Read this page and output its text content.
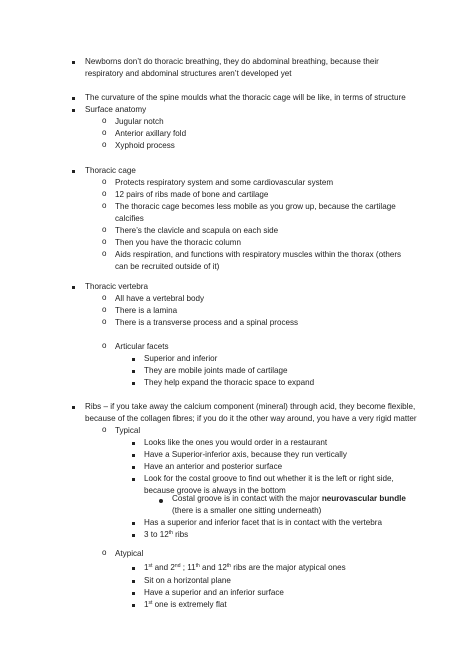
Newborns don’t do thoracic breathing, they do abdominal breathing, because their
respiratory and abdominal structures aren’t developed yet
The curvature of the spine moulds what the thoracic cage will be like, in terms of structure
Surface anatomy
o Jugular notch
o Anterior axillary fold
o Xyphoid process
Thoracic cage
o Protects respiratory system and some cardiovascular system
o 12 pairs of ribs made of bone and cartilage
o The thoracic cage becomes less mobile as you grow up, because the cartilage
calcifies
o There’s the clavicle and scapula on each side
o Then you have the thoracic column
o Aids respiration, and functions with respiratory muscles within the thorax (others
can be recruited outside of it)
Thoracic vertebra
o All have a vertebral body
o There is a lamina
o There is a transverse process and a spinal process
o Articular facets
Superior and inferior
They are mobile joints made of cartilage
They help expand the thoracic space to expand
Ribs – if you take away the calcium component (mineral) through acid, they become flexible,
because of the collagen fibres; if you do it the other way around, you have a very rigid matter
o Typical
Looks like the ones you would order in a restaurant
Have a Superior-inferior axis, because they run vertically
Have an anterior and posterior surface
Look for the costal groove to find out whether it is the left or right side,
because groove is always in the bottom
Costal groove is in contact with the major neurovascular bundle
(there is a smaller one sitting underneath)
Has a superior and inferior facet that is in contact with the vertebra
3 to 12th ribs
o Atypical
1st and 2nd ; 11th and 12th ribs are the major atypical ones
Sit on a horizontal plane
Have a superior and an inferior surface
1st one is extremely flat
